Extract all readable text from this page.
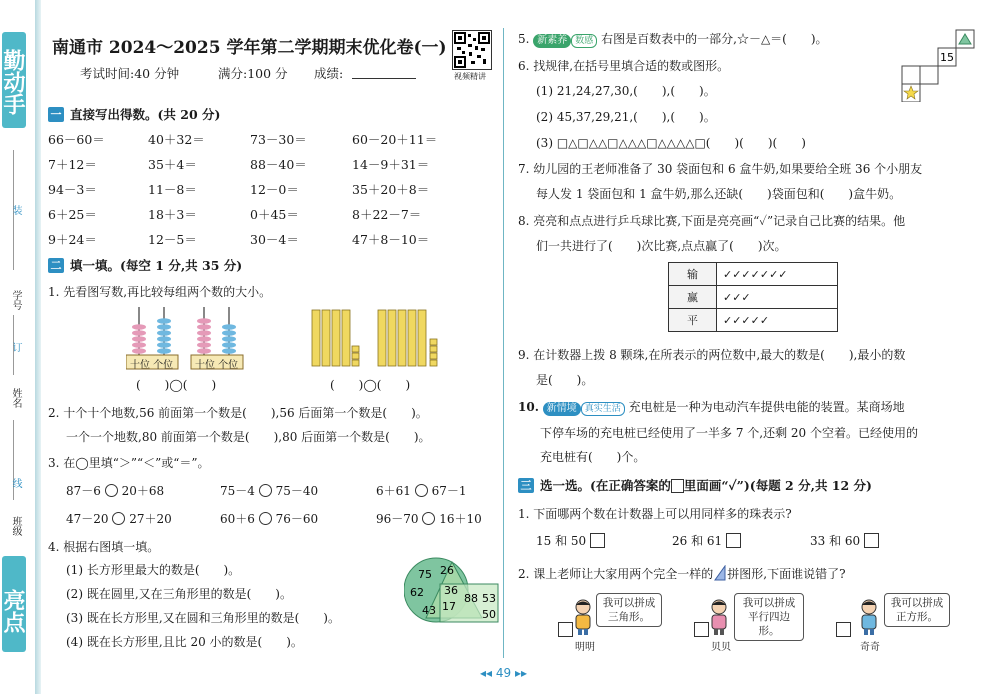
勤动手
学号
姓名
班级
装
订
线
亮点
南通市 2024～2025 学年第二学期期末优化卷(一)
考试时间:40 分钟	满分:100 分 成绩:	视频精讲
一 直接写出得数。(共 20 分)
66－60＝	40＋32＝	73－30＝	60－20＋11＝
7＋12＝	35＋4＝	88－40＝	14－9＋31＝
94－3＝	11－8＝	12－0＝	35＋20＋8＝
6＋25＝	18＋3＝	0＋45＝	8＋22－7＝
9＋24＝	12－5＝	30－4＝	47＋8－10＝
二 填一填。(每空 1 分,共 35 分)
1. 先看图写数,再比较每组两个数的大小。
十位 个位 十位 个位
(　　)◯(　　)	(　　)◯(　　)
2. 十个十个地数,56 前面第一个数是(　　),56 后面第一个数是(　　)。
一个一个地数,80 前面第一个数是(　　),80 后面第一个数是(　　)。
3. 在◯里填“＞”“＜”或“＝”。
87－6 20＋68	75－4 75－40	6＋61 67－1
47－20 27＋20	60＋6 76－60	96－70 16＋10
4. 根据右图填一填。
(1) 长方形里最大的数是(　　)。
(2) 既在圆里,又在三角形里的数是(　　)。
(3) 既在长方形里,又在圆和三角形里的数是(　　)。
(4) 既在长方形里,且比 20 小的数是(　　)。
75 26
62
43 17
36
88 53
50
5. 新素养 数感 右图是百数表中的一部分,☆－△＝(　　)。
15
6. 找规律,在括号里填合适的数或图形。
(1) 21,24,27,30,(　　),(　　)。
(2) 45,37,29,21,(　　),(　　)。
(3) □△□△△□△△△□△△△△□(　　)(　　)(　　)
7. 幼儿园的王老师准备了 30 袋面包和 6 盒牛奶,如果要给全班 36 个小朋友
每人发 1 袋面包和 1 盒牛奶,那么还缺(　　)袋面包和(　　)盒牛奶。
8. 亮亮和点点进行乒乓球比赛,下面是亮亮画“✓”记录自己比赛的结果。他
们一共进行了(　　)次比赛,点点赢了(　　)次。
输	✓✓✓✓✓✓✓
赢	✓✓✓
平	✓✓✓✓✓
9. 在计数器上拨 8 颗珠,在所表示的两位数中,最大的数是(　　),最小的数
是(　　)。
10. 新情境 真实生活 充电桩是一种为电动汽车提供电能的装置。某商场地
下停车场的充电桩已经使用了一半多 7 个,还剩 20 个空着。已经使用的
充电桩有(　　)个。
三 选一选。(在正确答案的 里面画“✓”)(每题 2 分,共 12 分)
1. 下面哪两个数在计数器上可以用同样多的珠表示?
15 和 50	26 和 61	33 和 60
2. 课上老师让大家用两个完全一样的 拼图形,下面谁说错了?
我可以拼成三角形。
明明
我可以拼成平行四边形。
贝贝
我可以拼成正方形。
奇奇
◂◂ 49 ▸▸
